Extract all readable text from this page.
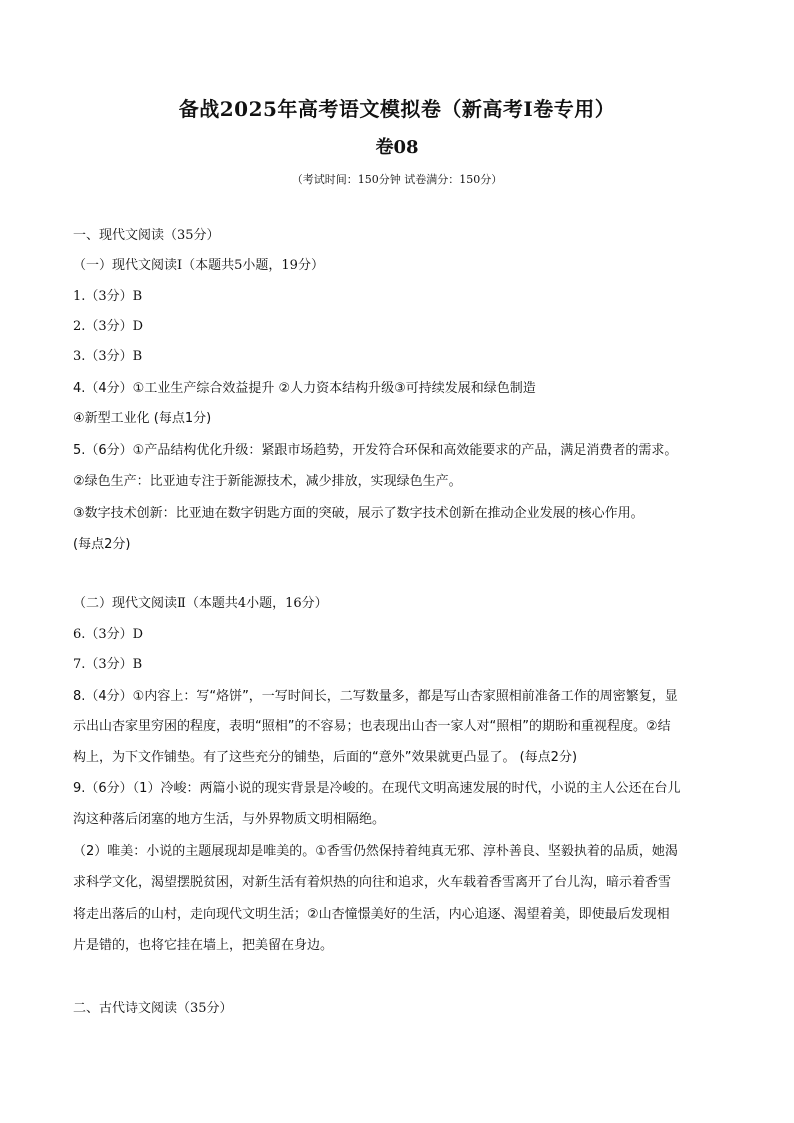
备战2025年高考语文模拟卷（新高考Ⅰ卷专用）
卷08
（考试时间：150分钟 试卷满分：150分）
一、现代文阅读（35分）
（一）现代文阅读Ⅰ（本题共5小题，19分）
1.（3分）B
2.（3分）D
3.（3分）B
4.（4分）①工业生产综合效益提升 ②人力资本结构升级③可持续发展和绿色制造
④新型工业化 (每点1分)
5.（6分）①产品结构优化升级：紧跟市场趋势，开发符合环保和高效能要求的产品，满足消费者的需求。
②绿色生产：比亚迪专注于新能源技术，减少排放，实现绿色生产。
③数字技术创新：比亚迪在数字钥匙方面的突破，展示了数字技术创新在推动企业发展的核心作用。
(每点2分)
（二）现代文阅读Ⅱ（本题共4小题，16分）
6.（3分）D
7.（3分）B
8.（4分）①内容上：写“烙饼”，一写时间长，二写数量多，都是写山杏家照相前准备工作的周密繁复，显
示出山杏家里穷困的程度，表明“照相”的不容易；也表现出山杏一家人对“照相”的期盼和重视程度。②结
构上，为下文作铺垫。有了这些充分的铺垫，后面的“意外”效果就更凸显了。 (每点2分)
9.（6分）（1）冷峻：两篇小说的现实背景是冷峻的。在现代文明高速发展的时代，小说的主人公还在台儿
沟这种落后闭塞的地方生活，与外界物质文明相隔绝。
（2）唯美：小说的主题展现却是唯美的。①香雪仍然保持着纯真无邪、淳朴善良、坚毅执着的品质，她渴
求科学文化，渴望摆脱贫困，对新生活有着炽热的向往和追求，火车载着香雪离开了台儿沟，暗示着香雪
将走出落后的山村，走向现代文明生活；②山杏憧憬美好的生活，内心追逐、渴望着美，即使最后发现相
片是错的，也将它挂在墙上，把美留在身边。
二、古代诗文阅读（35分）
